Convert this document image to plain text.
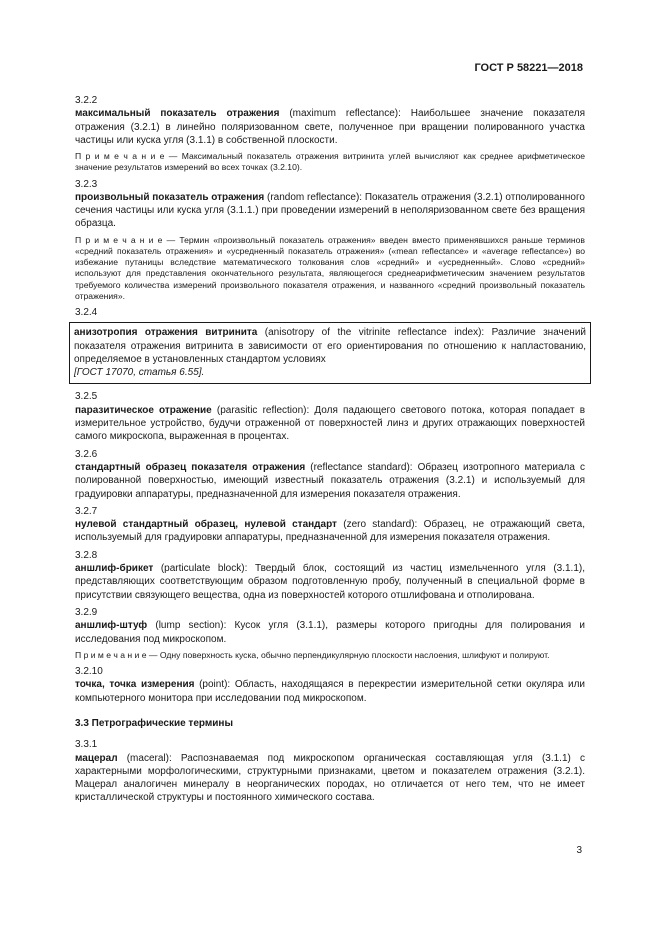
ГОСТ Р 58221—2018

3.2.2

максимальный показатель отражения (maximum reflectance): Наибольшее значение показателя отражения (3.2.1) в линейно поляризованном свете, полученное при вращении полированного участка частицы или куска угля (3.1.1) в собственной плоскости.

П р и м е ч а н и е — Максимальный показатель отражения витринита углей вычисляют как среднее арифметическое значение результатов измерений во всех точках (3.2.10).

3.2.3

произвольный показатель отражения (random reflectance): Показатель отражения (3.2.1) отполированного сечения частицы или куска угля (3.1.1.) при проведении измерений в неполяризованном свете без вращения образца.

П р и м е ч а н и е — Термин «произвольный показатель отражения» введен вместо применявшихся раньше терминов «средний показатель отражения» и «усредненный показатель отражения» («mean reflectance» и «average reflectance») во избежание путаницы вследствие математического толкования слов «средний» и «усредненный». Слово «средний» используют для представления окончательного результата, являющегося среднеарифметическим значением результатов требуемого количества измерений произвольного показателя отражения, и названного «средний произвольный показатель отражения».

3.2.4

анизотропия отражения витринита (anisotropy of the vitrinite reflectance index): Различие значений показателя отражения витринита в зависимости от его ориентирования по отношению к напластованию, определяемое в установленных стандартом условиях

[ГОСТ 17070, статья 6.55].

3.2.5

паразитическое отражение (parasitic reflection): Доля падающего светового потока, которая попадает в измерительное устройство, будучи отраженной от поверхностей линз и других отражающих поверхностей самого микроскопа, выраженная в процентах.

3.2.6

стандартный образец показателя отражения (reflectance standard): Образец изотропного материала с полированной поверхностью, имеющий известный показатель отражения (3.2.1) и используемый для градуировки аппаратуры, предназначенной для измерения показателя отражения.

3.2.7

нулевой стандартный образец, нулевой стандарт (zero standard): Образец, не отражающий света, используемый для градуировки аппаратуры, предназначенной для измерения показателя отражения.

3.2.8

аншлиф-брикет (particulate block): Твердый блок, состоящий из частиц измельченного угля (3.1.1), представляющих соответствующим образом подготовленную пробу, полученный в специальной форме в присутствии связующего вещества, одна из поверхностей которого отшлифована и отполирована.

3.2.9

аншлиф-штуф (lump section): Кусок угля (3.1.1), размеры которого пригодны для полирования и исследования под микроскопом.

П р и м е ч а н и е — Одну поверхность куска, обычно перпендикулярную плоскости наслоения, шлифуют и полируют.

3.2.10

точка, точка измерения (point): Область, находящаяся в перекрестии измерительной сетки окуляра или компьютерного монитора при исследовании под микроскопом.

3.3 Петрографические термины

3.3.1

мацерал (maceral): Распознаваемая под микроскопом органическая составляющая угля (3.1.1) с характерными морфологическими, структурными признаками, цветом и показателем отражения (3.2.1). Мацерал аналогичен минералу в неорганических породах, но отличается от него тем, что не имеет кристаллической структуры и постоянного химического состава.

3
